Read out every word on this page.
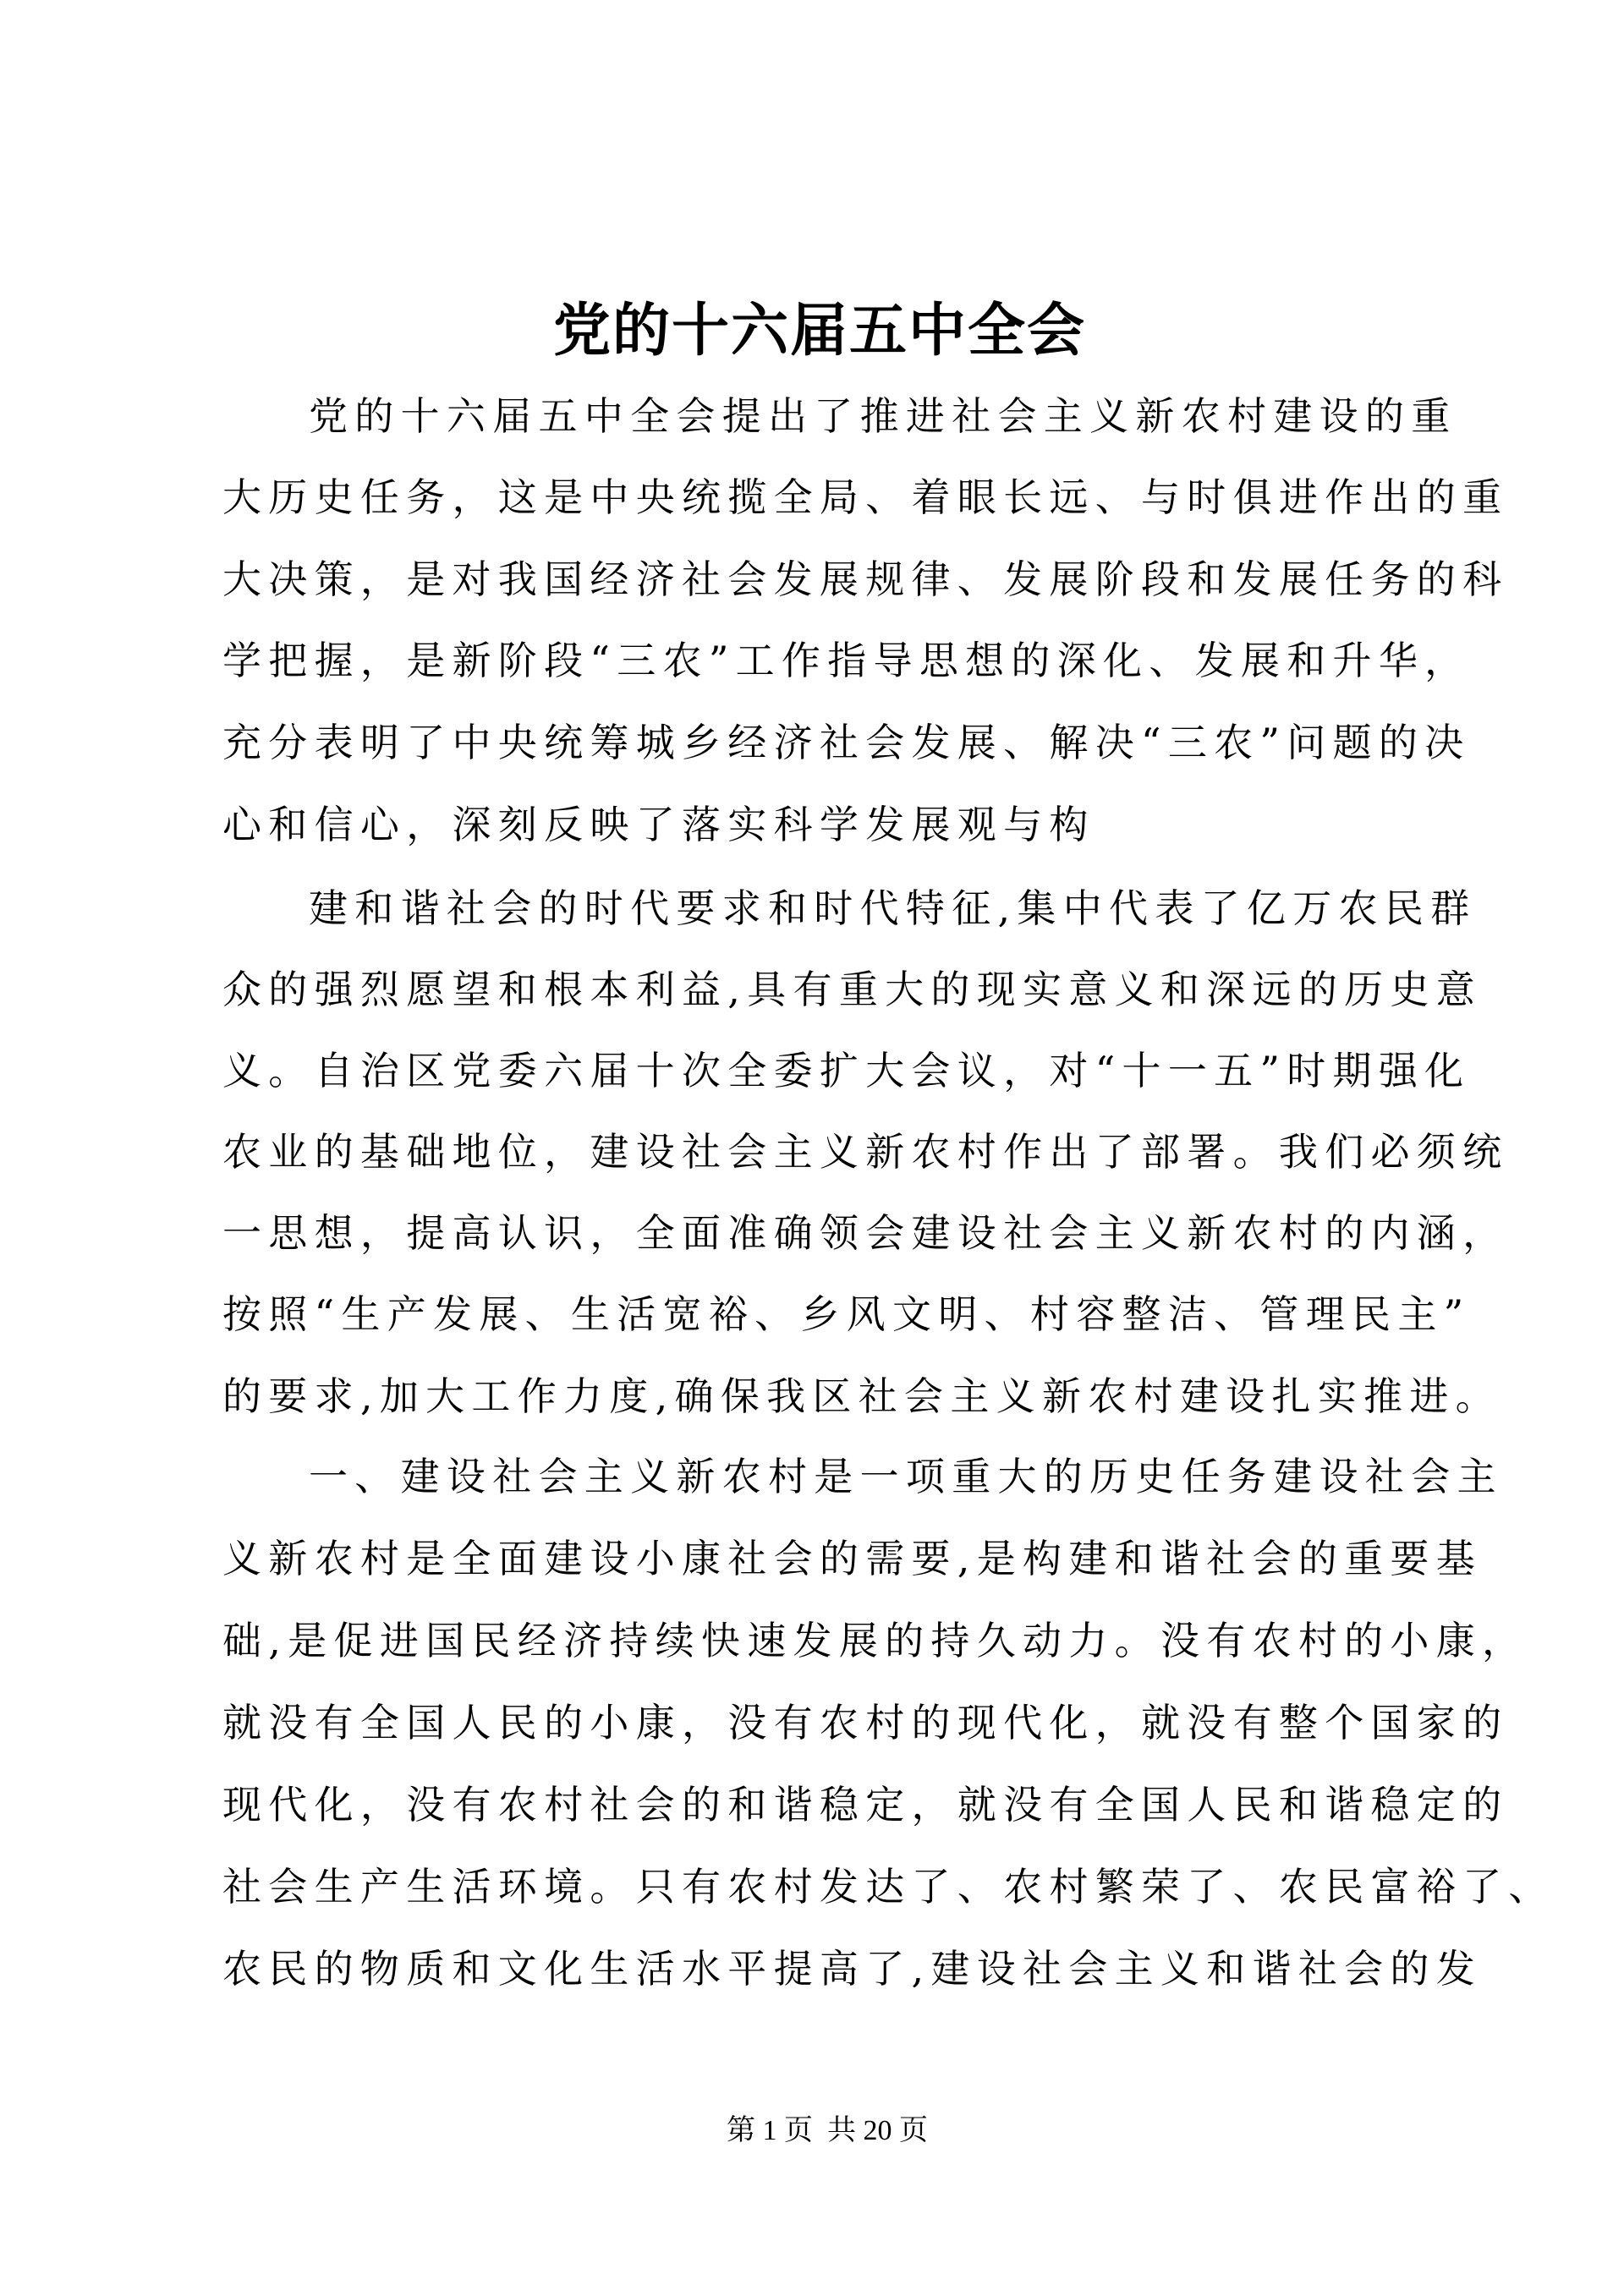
党的十六届五中全会
党的十六届五中全会提出了推进社会主义新农村建设的重
大历史任务，这是中央统揽全局、着眼长远、与时俱进作出的重
大决策，是对我国经济社会发展规律、发展阶段和发展任务的科
学把握，是新阶段“三农”工作指导思想的深化、发展和升华，
充分表明了中央统筹城乡经济社会发展、解决“三农”问题的决
心和信心，深刻反映了落实科学发展观与构
建和谐社会的时代要求和时代特征,集中代表了亿万农民群
众的强烈愿望和根本利益,具有重大的现实意义和深远的历史意
义。自治区党委六届十次全委扩大会议，对“十一五”时期强化
农业的基础地位，建设社会主义新农村作出了部署。我们必须统
一思想，提高认识，全面准确领会建设社会主义新农村的内涵，
按照“生产发展、生活宽裕、乡风文明、村容整洁、管理民主”
的要求,加大工作力度,确保我区社会主义新农村建设扎实推进。
一、建设社会主义新农村是一项重大的历史任务建设社会主
义新农村是全面建设小康社会的需要,是构建和谐社会的重要基
础,是促进国民经济持续快速发展的持久动力。没有农村的小康，
就没有全国人民的小康，没有农村的现代化，就没有整个国家的
现代化，没有农村社会的和谐稳定，就没有全国人民和谐稳定的
社会生产生活环境。只有农村发达了、农村繁荣了、农民富裕了、
农民的物质和文化生活水平提高了,建设社会主义和谐社会的发
第 1 页  共 20 页
